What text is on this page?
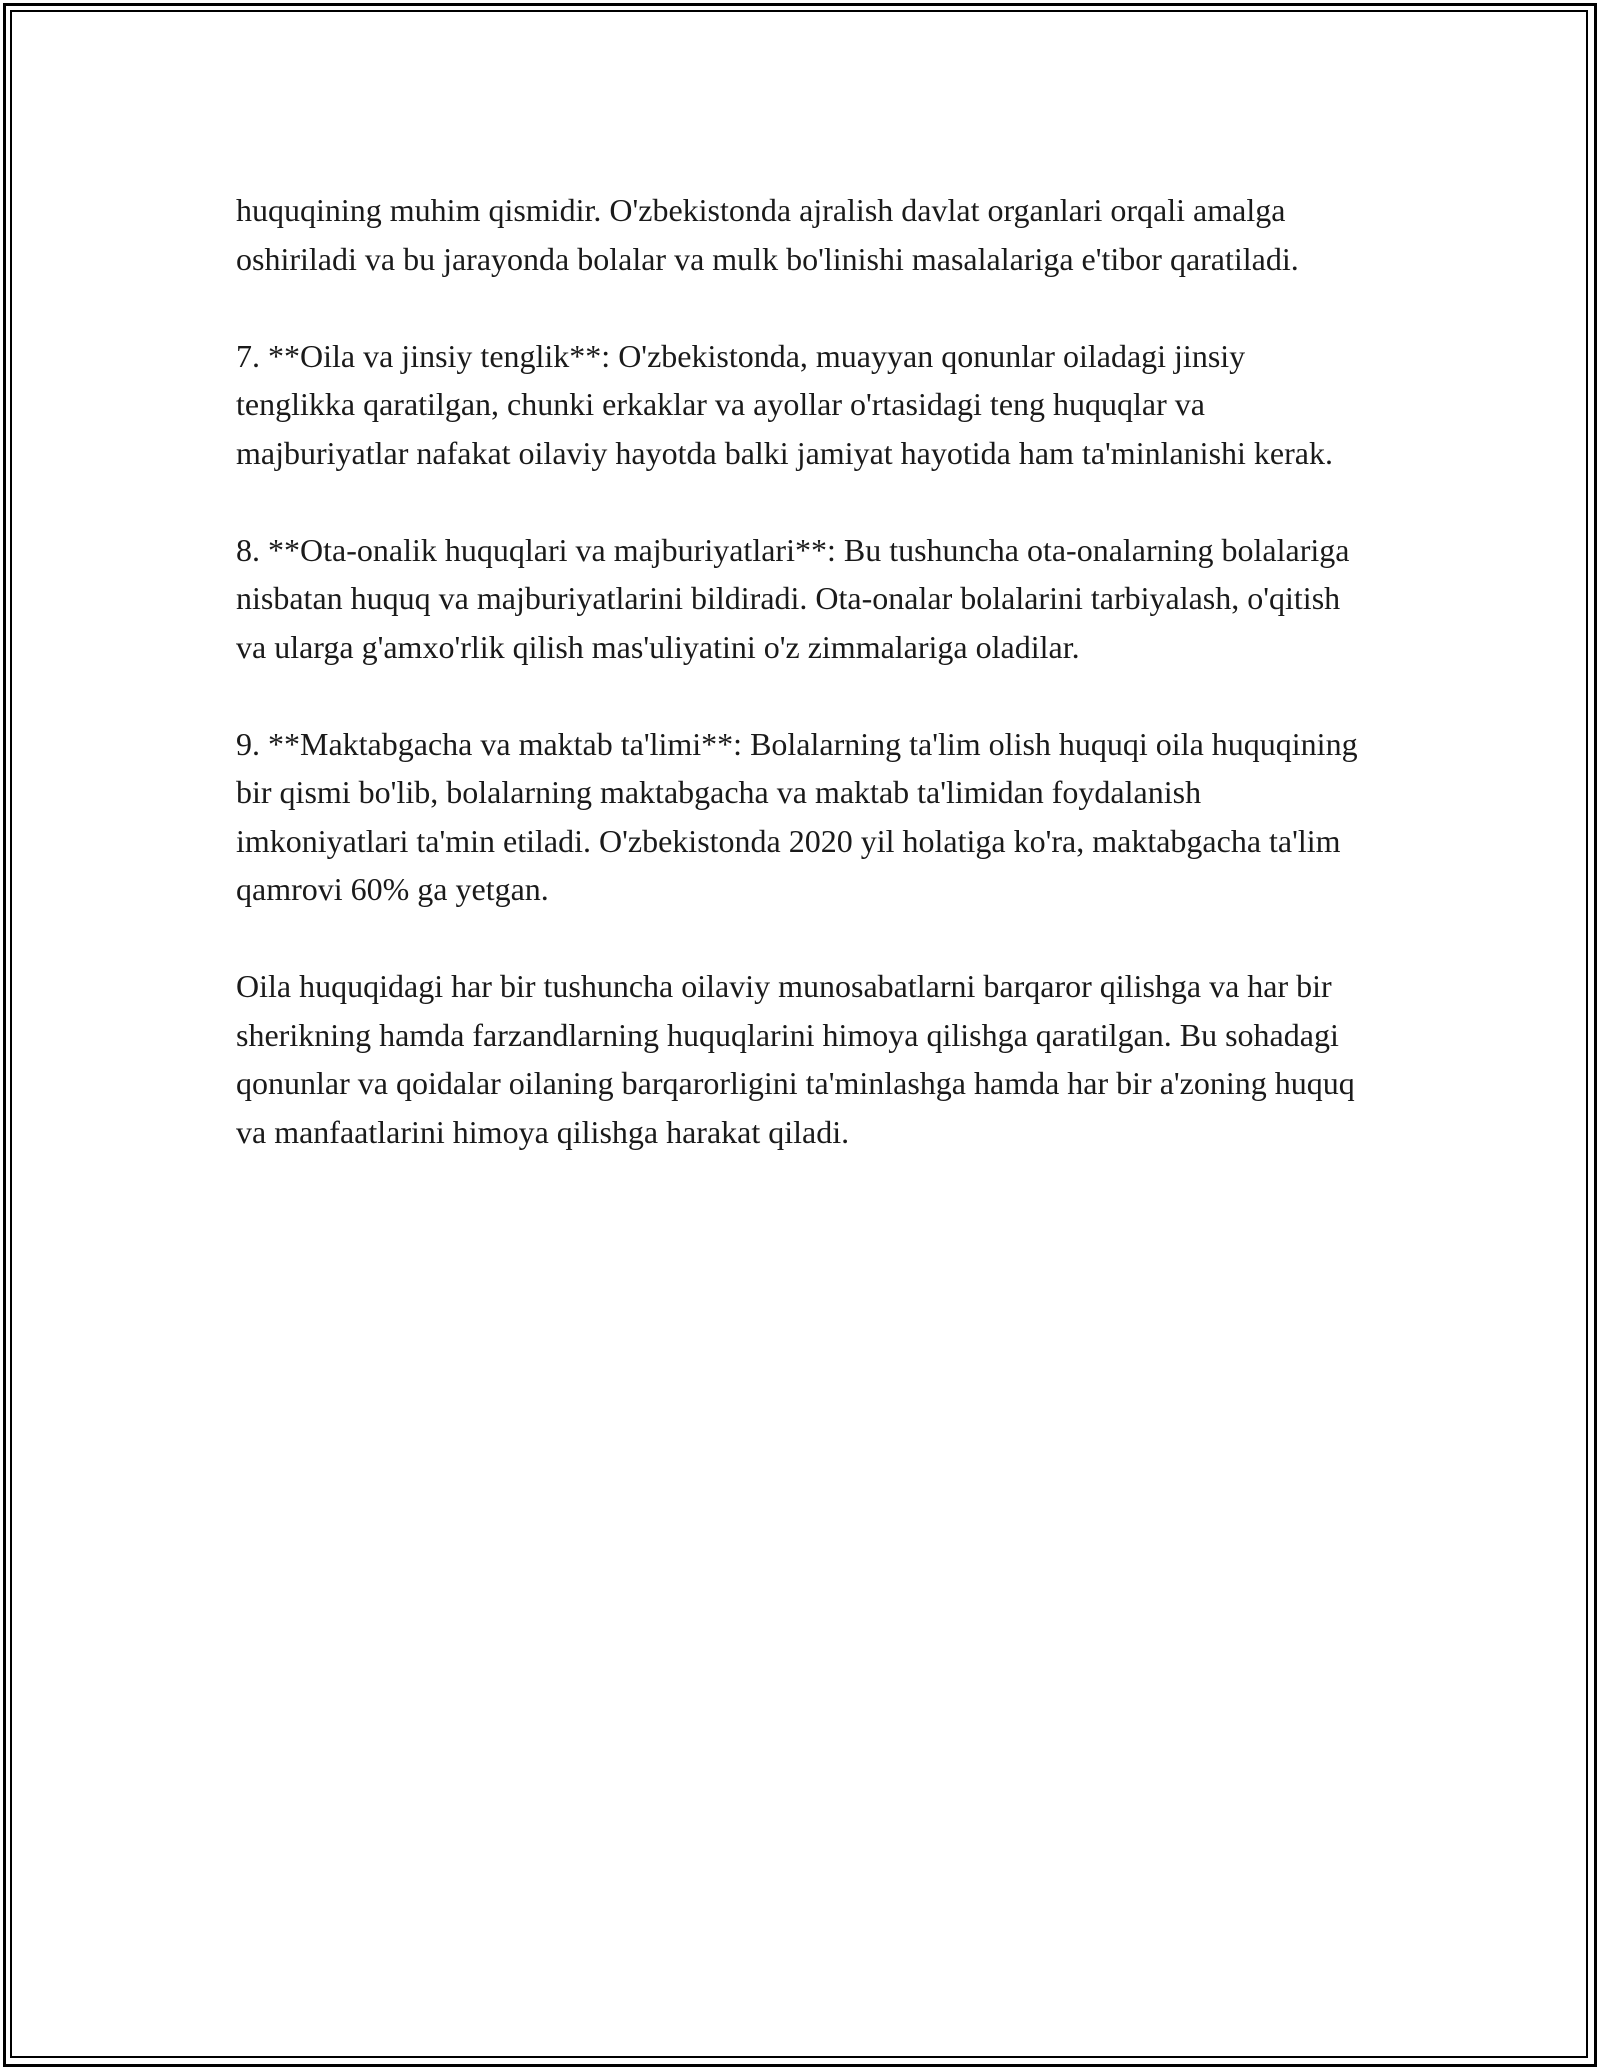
huquqining muhim qismidir. O'zbekistonda ajralish davlat organlari orqali amalga oshiriladi va bu jarayonda bolalar va mulk bo'linishi masalalariga e'tibor qaratiladi.

7. **Oila va jinsiy tenglik**: O'zbekistonda, muayyan qonunlar oiladagi jinsiy tenglikka qaratilgan, chunki erkaklar va ayollar o'rtasidagi teng huquqlar va majburiyatlar nafakat oilaviy hayotda balki jamiyat hayotida ham ta'minlanishi kerak.

8. **Ota-onalik huquqlari va majburiyatlari**: Bu tushuncha ota-onalarning bolalariga nisbatan huquq va majburiyatlarini bildiradi. Ota-onalar bolalarini tarbiyalash, o'qitish va ularga g'amxo'rlik qilish mas'uliyatini o'z zimmalariga oladilar.

9. **Maktabgacha va maktab ta'limi**: Bolalarning ta'lim olish huquqi oila huquqining bir qismi bo'lib, bolalarning maktabgacha va maktab ta'limidan foydalanish imkoniyatlari ta'min etiladi. O'zbekistonda 2020 yil holatiga ko'ra, maktabgacha ta'lim qamrovi 60% ga yetgan.

Oila huquqidagi har bir tushuncha oilaviy munosabatlarni barqaror qilishga va har bir sherikning hamda farzandlarning huquqlarini himoya qilishga qaratilgan. Bu sohadagi qonunlar va qoidalar oilaning barqarorligini ta'minlashga hamda har bir a'zoning huquq va manfaatlarini himoya qilishga harakat qiladi.
